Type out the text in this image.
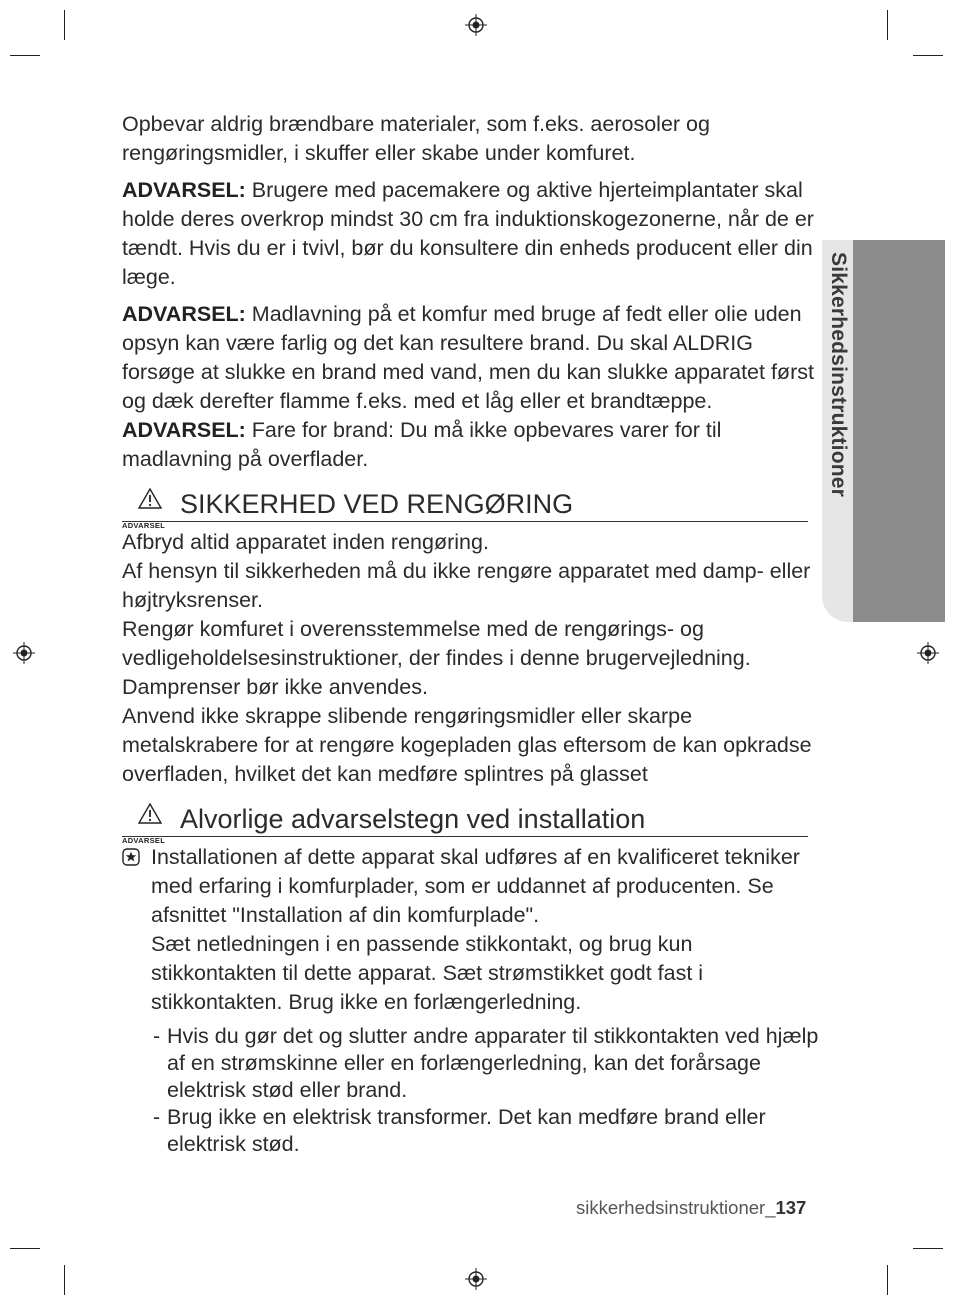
Sikkerhedsinstruktioner

Opbevar aldrig brændbare materialer, som f.eks. aerosoler og rengøringsmidler, i skuffer eller skabe under komfuret.

ADVARSEL: Brugere med pacemakere og aktive hjerteimplantater skal holde deres overkrop mindst 30 cm fra induktionskogezonerne, når de er tændt. Hvis du er i tvivl, bør du konsultere din enheds producent eller din læge.

ADVARSEL: Madlavning på et komfur med bruge af fedt eller olie uden opsyn kan være farlig og det kan resultere brand. Du skal ALDRIG forsøge at slukke en brand med vand, men du kan slukke apparatet først og dæk derefter flamme f.eks. med et låg eller et brandtæppe.

ADVARSEL: Fare for brand: Du må ikke opbevares varer for til madlavning på overflader.

ADVARSEL
SIKKERHED VED RENGØRING
Afbryd altid apparatet inden rengøring.
Af hensyn til sikkerheden må du ikke rengøre apparatet med damp- eller højtryksrenser.
Rengør komfuret i overensstemmelse med de rengørings- og vedligeholdelsesinstruktioner, der findes i denne brugervejledning.
Damprenser bør ikke anvendes.
Anvend ikke skrappe slibende rengøringsmidler eller skarpe metalskrabere for at rengøre kogepladen glas eftersom de kan opkradse overfladen, hvilket det kan medføre splintres på glasset
ADVARSEL
Alvorlige advarselstegn ved installation
Installationen af dette apparat skal udføres af en kvalificeret tekniker med erfaring i komfurplader, som er uddannet af producenten. Se afsnittet "Installation af din komfurplade".
Sæt netledningen i en passende stikkontakt, og brug kun stikkontakten til dette apparat. Sæt strømstikket godt fast i stikkontakten. Brug ikke en forlængerledning.
- Hvis du gør det og slutter andre apparater til stikkontakten ved hjælp af en strømskinne eller en forlængerledning, kan det forårsage elektrisk stød eller brand.
- Brug ikke en elektrisk transformer. Det kan medføre brand eller elektrisk stød.
sikkerhedsinstruktioner_137
